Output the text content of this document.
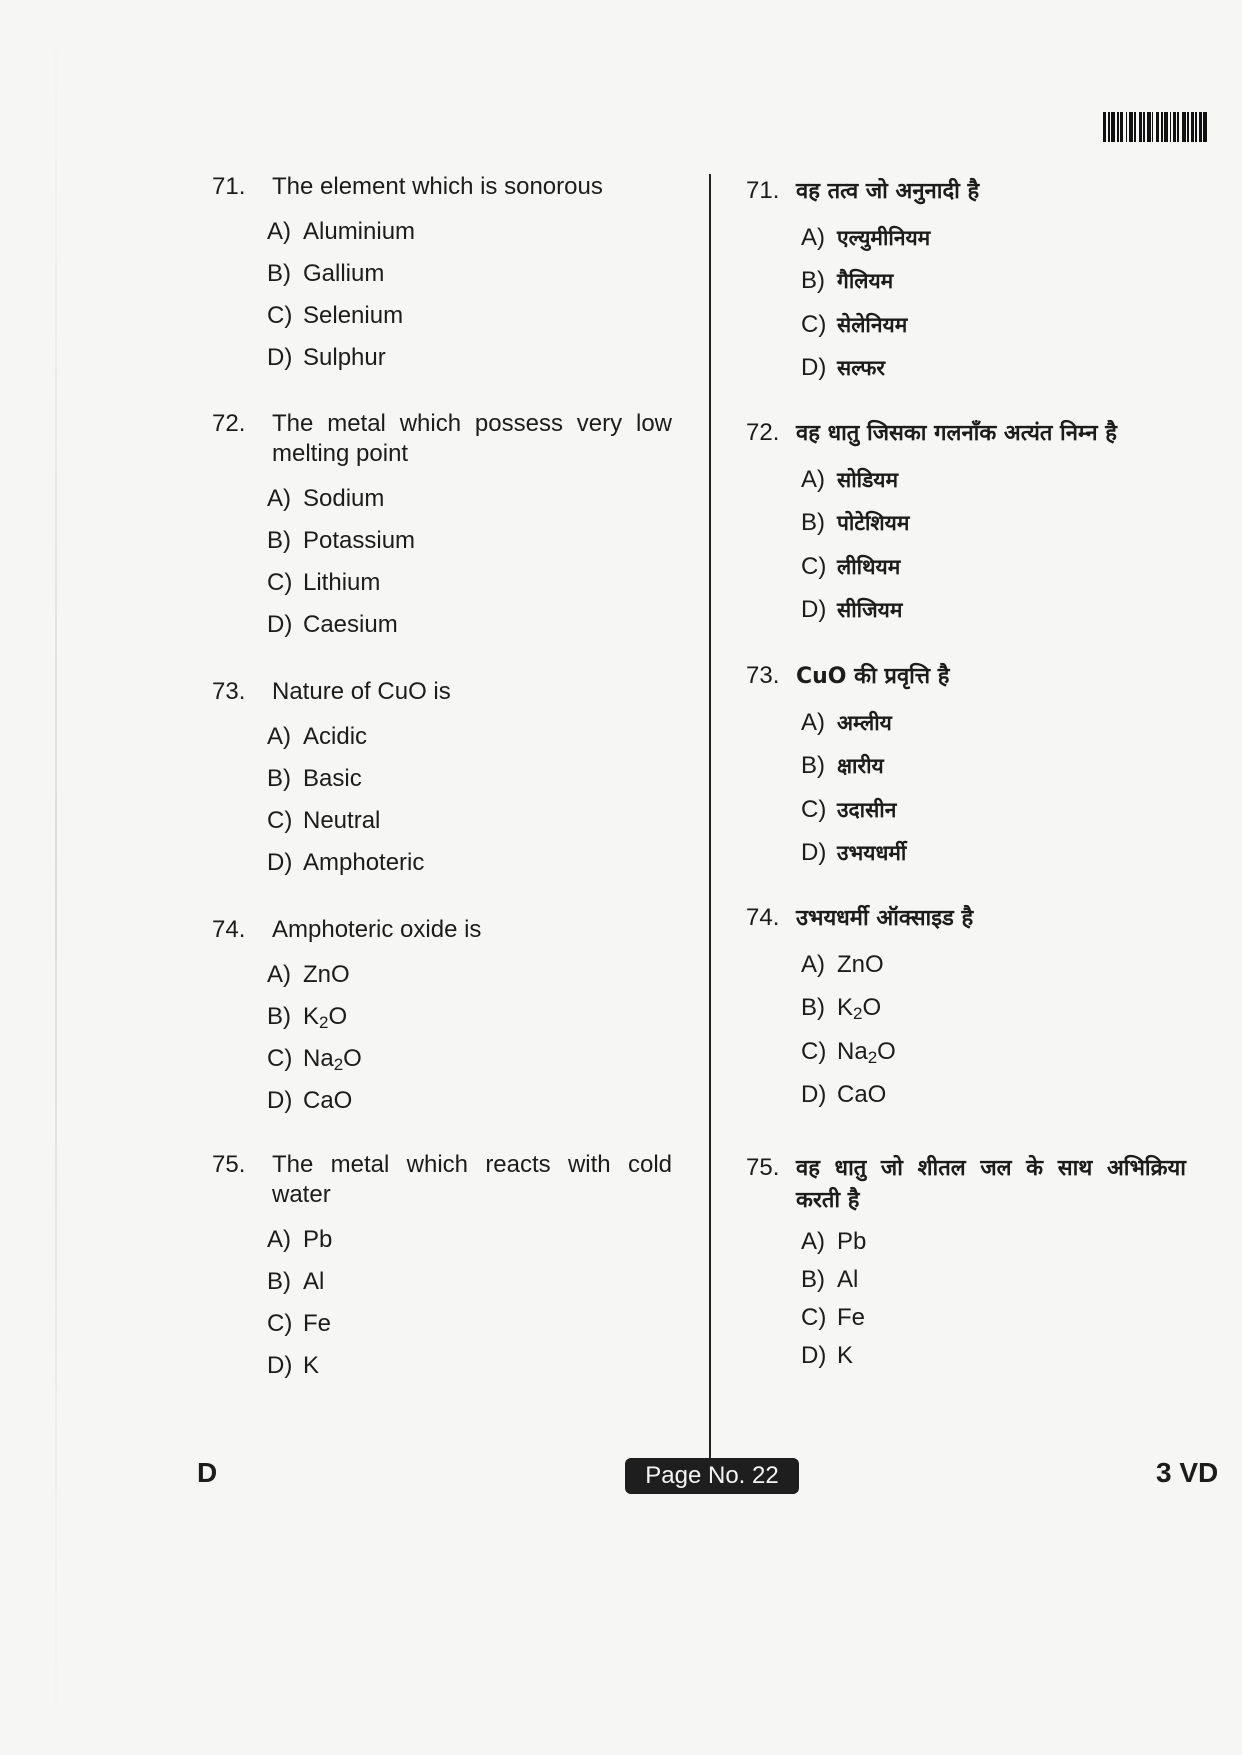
71.	The element which is sonorous
A) Aluminium
B) Gallium
C) Selenium
D) Sulphur
72.	The metal which possess very low melting point
A) Sodium
B) Potassium
C) Lithium
D) Caesium
73.	Nature of CuO is
A) Acidic
B) Basic
C) Neutral
D) Amphoteric
74.	Amphoteric oxide is
A) ZnO
B) $K_2O$
C) $Na_2O$
D) CaO
75.	The metal which reacts with cold water
A) Pb
B) Al
C) Fe
D) K
71. वह तत्व जो अनुनादी है
A) एल्युमीनियम
B) गैलियम
C) सेलेनियम
D) सल्फर
72. वह धातु जिसका गलनाँक अत्यंत निम्न है
A) सोडियम
B) पोटेशियम
C) लीथियम
D) सीजियम
73. CuO की प्रवृत्ति है
A) अम्लीय
B) क्षारीय
C) उदासीन
D) उभयधर्मी
74. उभयधर्मी ऑक्साइड है
A) ZnO
B) $K_2O$
C) $Na_2O$
D) CaO
75. वह धातु जो शीतल जल के साथ अभिक्रिया करती है
A) Pb
B) Al
C) Fe
D) K
D	Page No. 22	3 VD
